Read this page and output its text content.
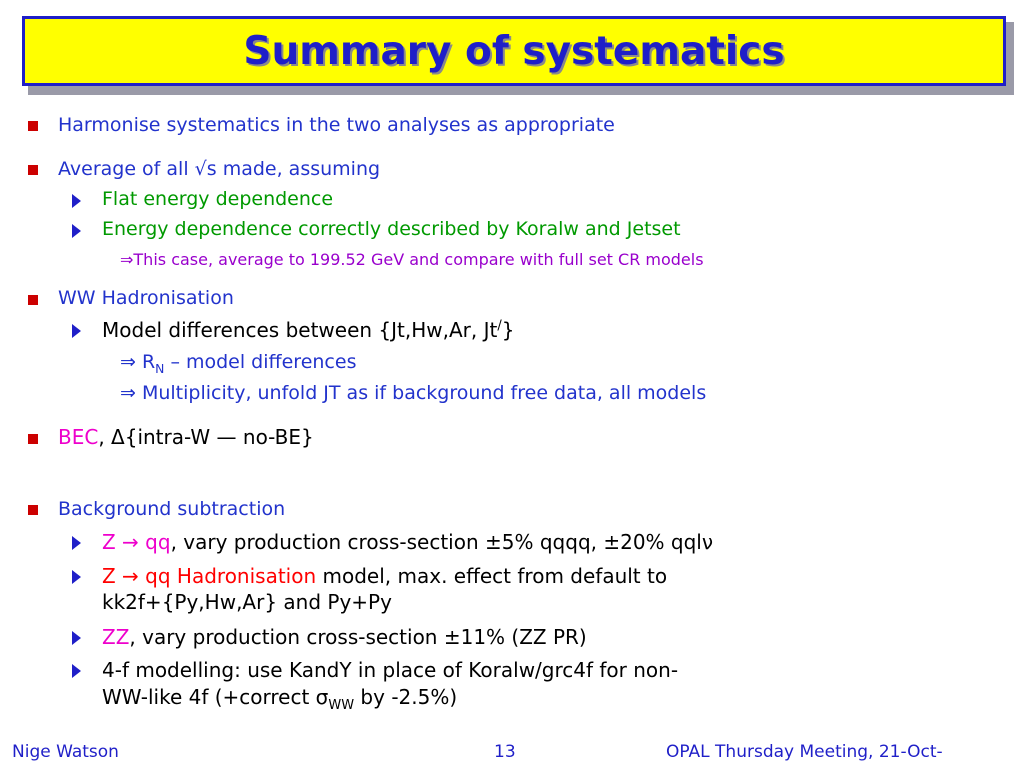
Summary of systematics
Harmonise systematics in the two analyses as appropriate
Average of all √s made, assuming
Flat energy dependence
Energy dependence correctly described by Koralw and Jetset
⇒This case, average to 199.52 GeV and compare with full set CR models
WW Hadronisation
Model differences between {Jt,Hw,Ar, Jt/}
⇒ $R_N$ – model differences
⇒ Multiplicity, unfold JT as if background free data, all models
BEC, Δ{intra-W — no-BE}
Background subtraction
Z → qq, vary production cross-section ±5% qqqq, ±20% qqlν
Z → qq Hadronisation model, max. effect from default to
kk2f+{Py,Hw,Ar} and Py+Py
ZZ, vary production cross-section ±11% (ZZ PR)
4-f modelling: use KandY in place of Koralw/grc4f for non-
WW-like 4f (+correct $\sigma_{WW}$ by -2.5%)
Nige Watson	13	OPAL Thursday Meeting, 21-Oct-
